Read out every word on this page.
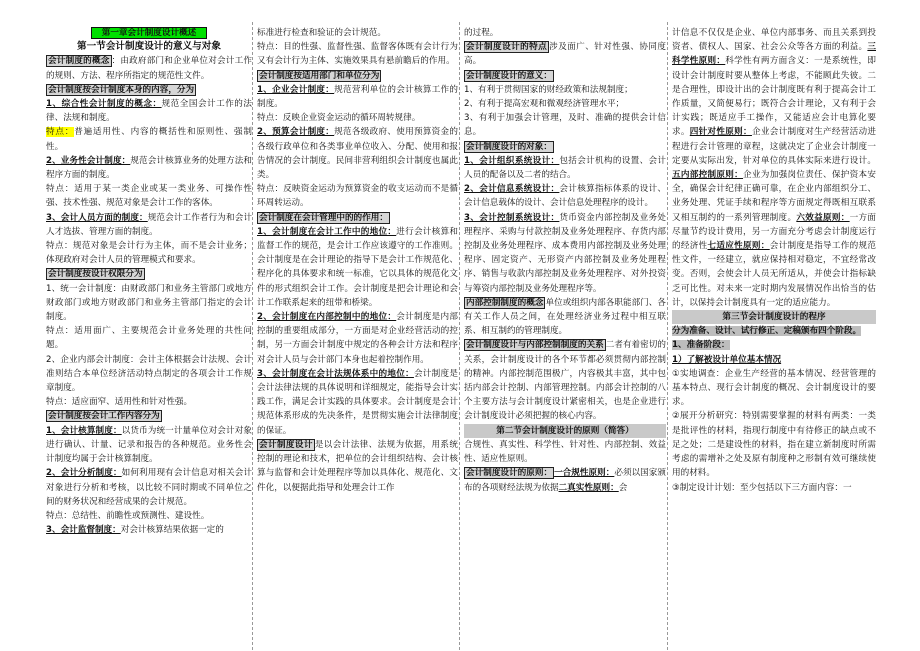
第一章会计制度设计概述

第一节会计制度设计的意义与对象

会计制度的概念 ：由政府部门和企业单位对会计工作的规则、方法、程序所指定的规范性文件。

会计制度按会计制度本身的内容，分为

1、综合性会计制度的概念：规范全国会计工作的法律、法规和制度。

特点：普遍适用性、内容的概括性和原则性、强制性。

2、业务性会计制度：规范会计核算业务的处理方法和程序方面的制度。

特点：适用于某一类企业或某一类业务、可操作性强、技术性强、规范对象是会计工作的客体。

3、会计人员方面的制度：规范会计工作者行为和会计人才选拔、管理方面的制度。

特点：规范对象是会计行为主体，而不是会计业务；体现政府对会计人员的管理模式和要求。

会计制度按设计权限分为

1、统一会计制度：由财政部门和业务主管部门或地方财政部门或地方财政部门和业务主管部门指定的会计制度。

特点：适用面广、主要规范会计业务处理的共性问题。

2、企业内部会计制度：会计主体根据会计法规、会计准则结合本单位经济活动特点制定的各项会计工作规章制度。

特点：适应面窄、适用性和针对性强。

会计制度按会计工作内容分为

1、会计核算制度：以货币为统一计量单位对会计对象进行确认、计量、记录和报告的各种规范。业务性会计制度均属于会计核算制度。

2、会计分析制度：如何利用现有会计信息对相关会计对象进行分析和考核，以比较不同时期或不同单位之间的财务状况和经营成果的会计规范。

特点：总结性、前瞻性或预测性、建设性。

3、会计监督制度：对会计核算结果依据一定的

标准进行检查和验证的会计规范。

特点：目的性强、监督性强、监督客体既有会计行为又有会计行为主体、实施效果具有悬前瞻后的作用。

会计制度按适用部门和单位分为

1、企业会计制度：规范营利单位的会计核算工作的制度。

特点：反映企业资金运动的循环周转规律。

2、预算会计制度：规范各级政府、使用预算资金的各级行政单位和各类事业单位收入、分配、使用和报告情况的会计制度。民间非营利组织会计制度也属此类。

特点：反映资金运动为预算资金的收支运动而不是循环周转运动。

会计制度在会计管理中的的作用：

1、会计制度在会计工作中的地位：进行会计核算和监督工作的规范，是会计工作应该遵守的工作准则。会计制度是在会计理论的指导下是会计工作规范化、程序化的具体要求和统一标准，它以具体的规范化文件的形式组织会计工作。会计制度是把会计理论和会计工作联系起来的纽带和桥梁。

2、会计制度在内部控制中的地位：会计制度是内部控制的重要组成部分，一方面是对企业经营活动的控制，另一方面会计制度中规定的各种会计方法和程序对会计人员与会计部门本身也起着控制作用。

3、会计制度在会计法规体系中的地位：会计制度是会计法律法规的具体说明和详细规定，能指导会计实践工作，满足会计实践的具体要求。会计制度是会计规范体系形成的先决条件，是贯彻实施会计法律制度的保证。

会计制度设计 是以会计法律、法规为依据，用系统控制的理论和技术，把单位的会计组织结构、会计核算与监督和会计处理程序等加以具体化、规范化、文件化，以便据此指导和处理会计工作

的过程。

会计制度设计的特点 涉及面广、针对性强、协同度高。

会计制度设计的意义：

1、有利于贯彻国家的财经政策和法规制度；

2、有利于提高宏观和微观经济管理水平；

3、有利于加强会计管理，及时、准确的提供会计信息。

会计制度设计的对象：

1、会计组织系统设计：包括会计机构的设置、会计人员的配备以及二者的结合。

2、会计信息系统设计：会计核算指标体系的设计、会计信息载体的设计、会计信息处理程序的设计。

3、会计控制系统设计：货币资金内部控制及业务处理程序、采购与付款控制及业务处理程序、存货内部控制及业务处理程序、成本费用内部控制及业务处理程序、固定资产、无形资产内部控制及业务处理程序、销售与收款内部控制及业务处理程序、对外投资与筹资内部控制及业务处理程序等。

内部控制制度的概念 单位或组织内部各职能部门、各有关工作人员之间，在处理经济业务过程中相互联系、相互制约的管理制度。

会计制度设计与内部控制制度的关系 二者有着密切的关系，会计制度设计的各个环节都必须贯彻内部控制的精神。内部控制范围极广，内容极其丰富，其中包括内部会计控制、内部管理控制。内部会计控制的八个主要方法与会计制度设计紧密相关，也是企业进行会计制度设计必须把握的核心内容。

第二节会计制度设计的原则（简答）

合规性、真实性、科学性、针对性、内部控制、效益性、适应性原则。

会计制度设计的原则： 一合规性原则：必须以国家颁布的各项财经法规为依据二真实性原则：会

计信息不仅仅是企业、单位内部事务、而且关系到投资者、债权人、国家、社会公众等各方面的利益。三科学性原则：科学性有两方面含义：一是系统性，即设计会计制度时要从整体上考虑，不能顾此失彼。二是合理性，即设计出的会计制度既有利于提高会计工作质量，又简便易行；既符合会计理论，又有利于会计实践；既适应手工操作，又能适应会计电算化要求。四针对性原则：企业会计制度对生产经营活动进程进行会计管理的章程，这就决定了企业会计制度一定要从实际出发，针对单位的具体实际来进行设计。五内部控制原则：企业为加强岗位责任、保护资本安全，确保会计纪律正确可靠，在企业内部组织分工、业务处理、凭证手续和程序等方面规定得既相互联系又相互制约的一系列管理制度。六效益原则：一方面尽量节约设计费用，另一方面充分考虑会计制度运行的经济性七适应性原则：会计制度是指导工作的规范性文件，一经建立，就应保持相对稳定，不宜经常改变。否则，会使会计人员无所适从，并使会计指标缺乏可比性。对未来一定时期内发展情况作出恰当的估计，以保持会计制度具有一定的适应能力。

第三节会计制度设计的程序

分为准备、设计、试行修正、定稿颁布四个阶段。

1、准备阶段：

1）了解被设计单位基本情况

①实地调查：企业生产经营的基本情况、经营管理的基本特点、现行会计制度的概况、会计制度设计的要求。

②展开分析研究：特别需要掌握的材料有两类：一类是批评性的材料，指现行制度中有待修正的缺点或不足之处；二是建设性的材料，指在建立新制度时所需考虑的需增补之处及原有制度种之形制有效可继续使用的材料。

③制定设计计划：至少包括以下三方面内容：一
